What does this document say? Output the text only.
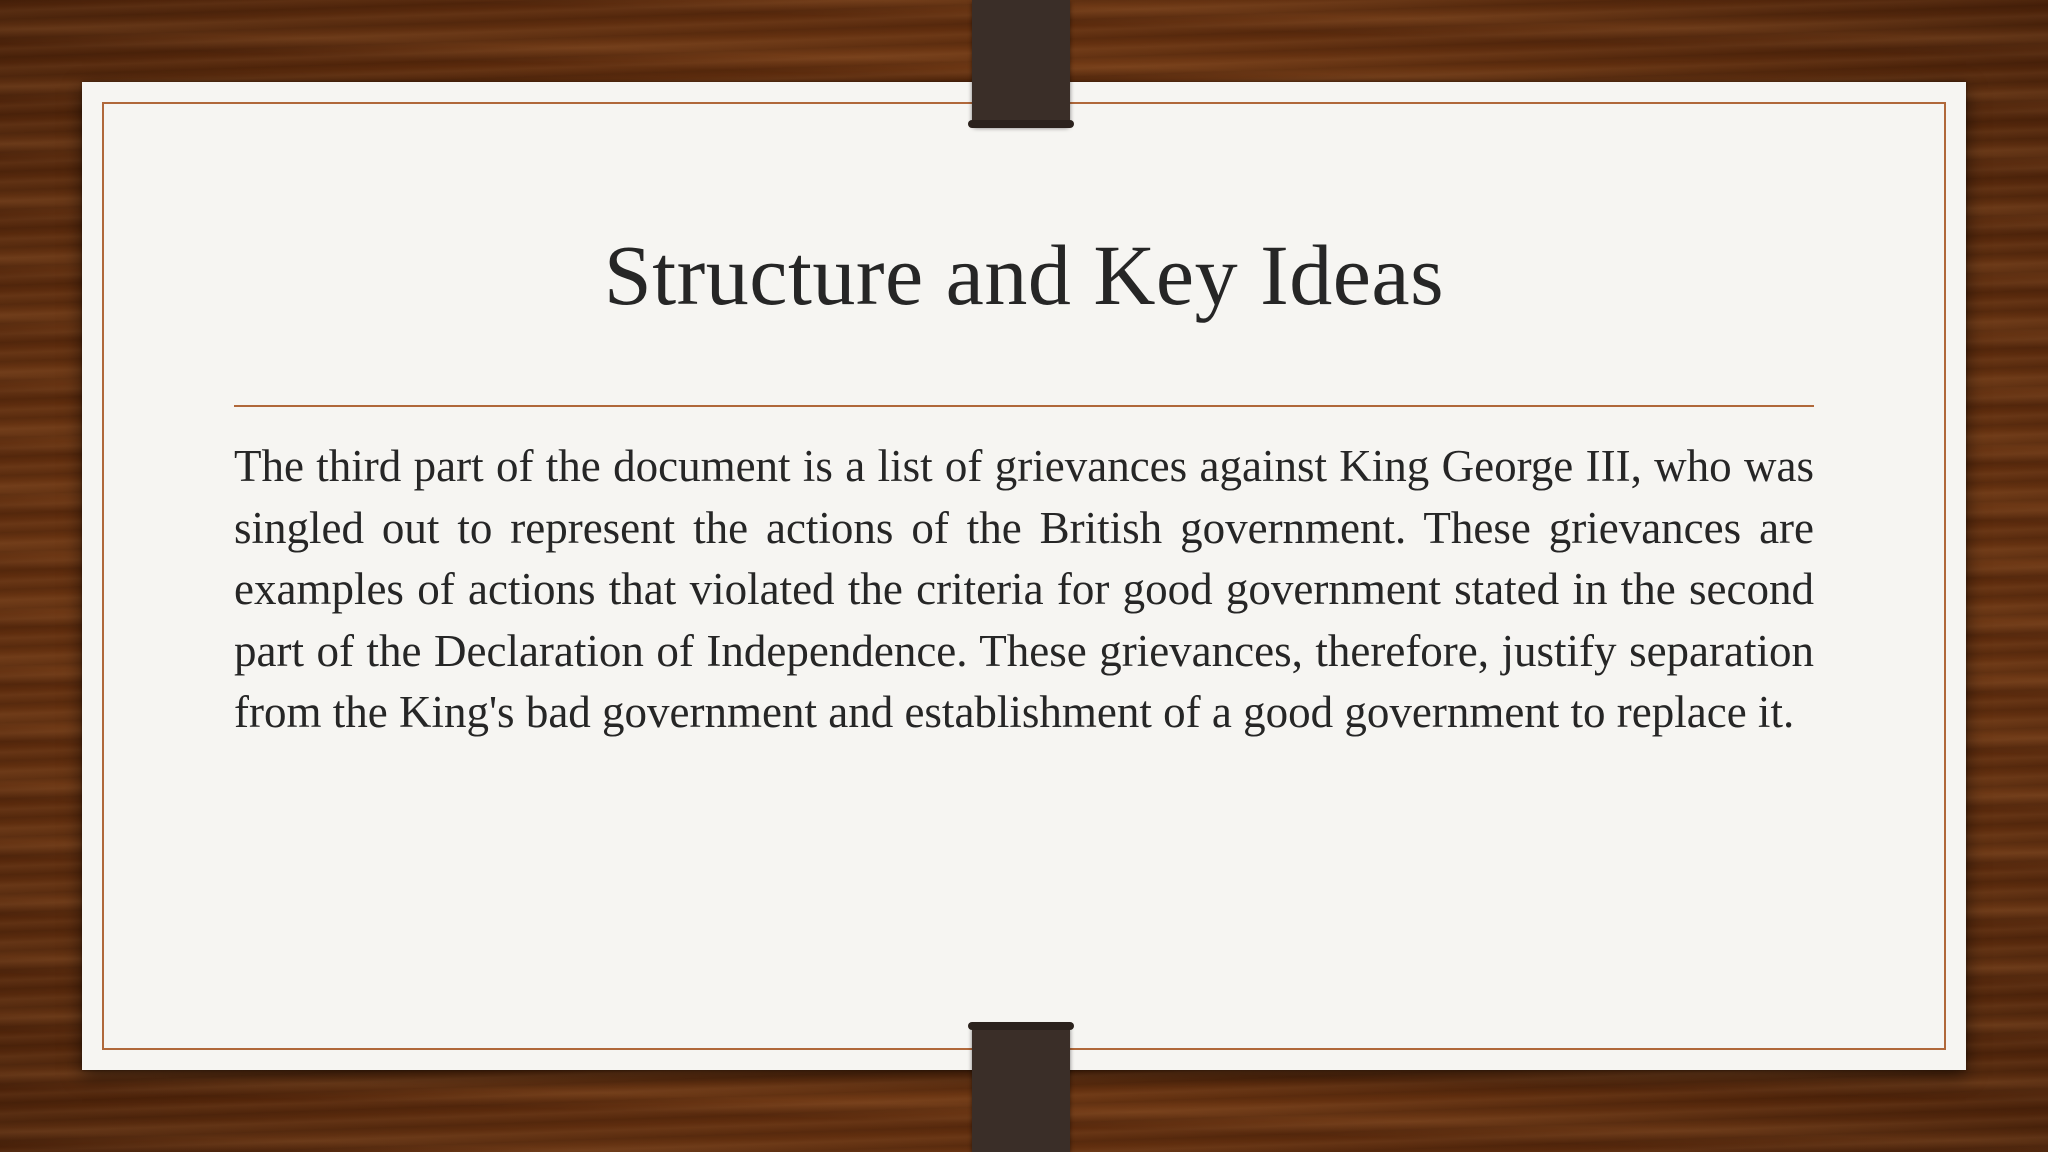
Structure and Key Ideas

The third part of the document is a list of grievances against King George III, who was singled out to represent the actions of the British government. These grievances are examples of actions that violated the criteria for good government stated in the second part of the Declaration of Independence. These grievances, therefore, justify separation from the King's bad government and establishment of a good government to replace it.
